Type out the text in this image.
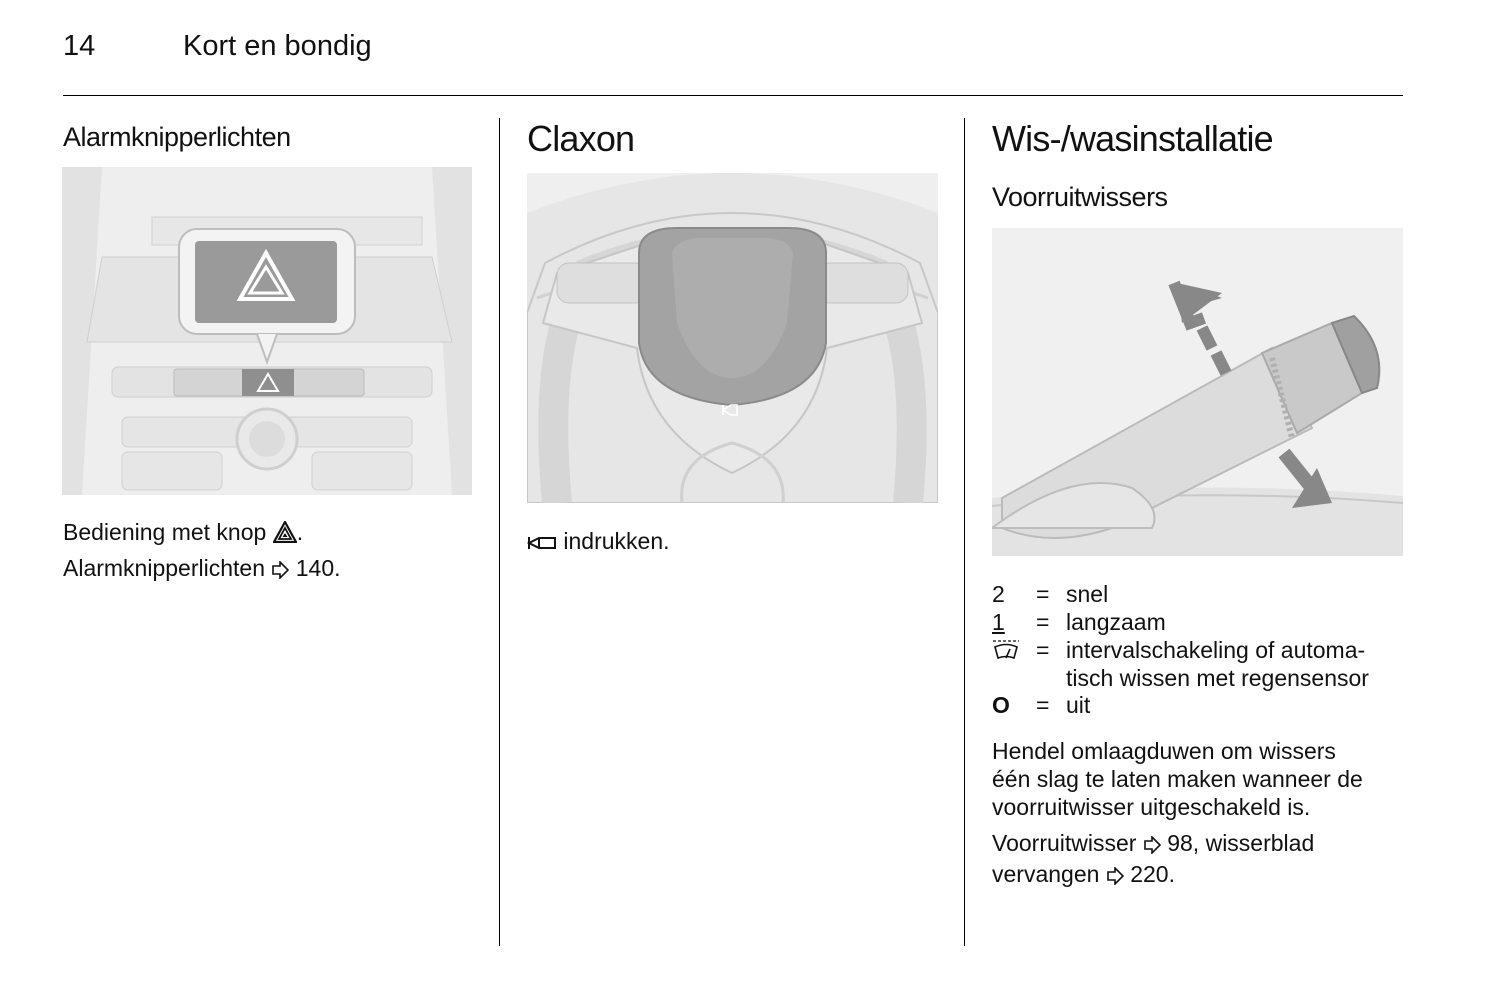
14	Kort en bondig
Alarmknipperlichten
Bediening met knop .
Alarmknipperlichten  140.
Claxon
indrukken.
Wis-/wasinstallatie
Voorruitwissers
2	= snel
1	= langzaam
= intervalschakeling of automa-
tisch wissen met regensensor
O	= uit
Hendel omlaagduwen om wissers
één slag te laten maken wanneer de
voorruitwisser uitgeschakeld is.
Voorruitwisser  98, wisserblad
vervangen  220.
